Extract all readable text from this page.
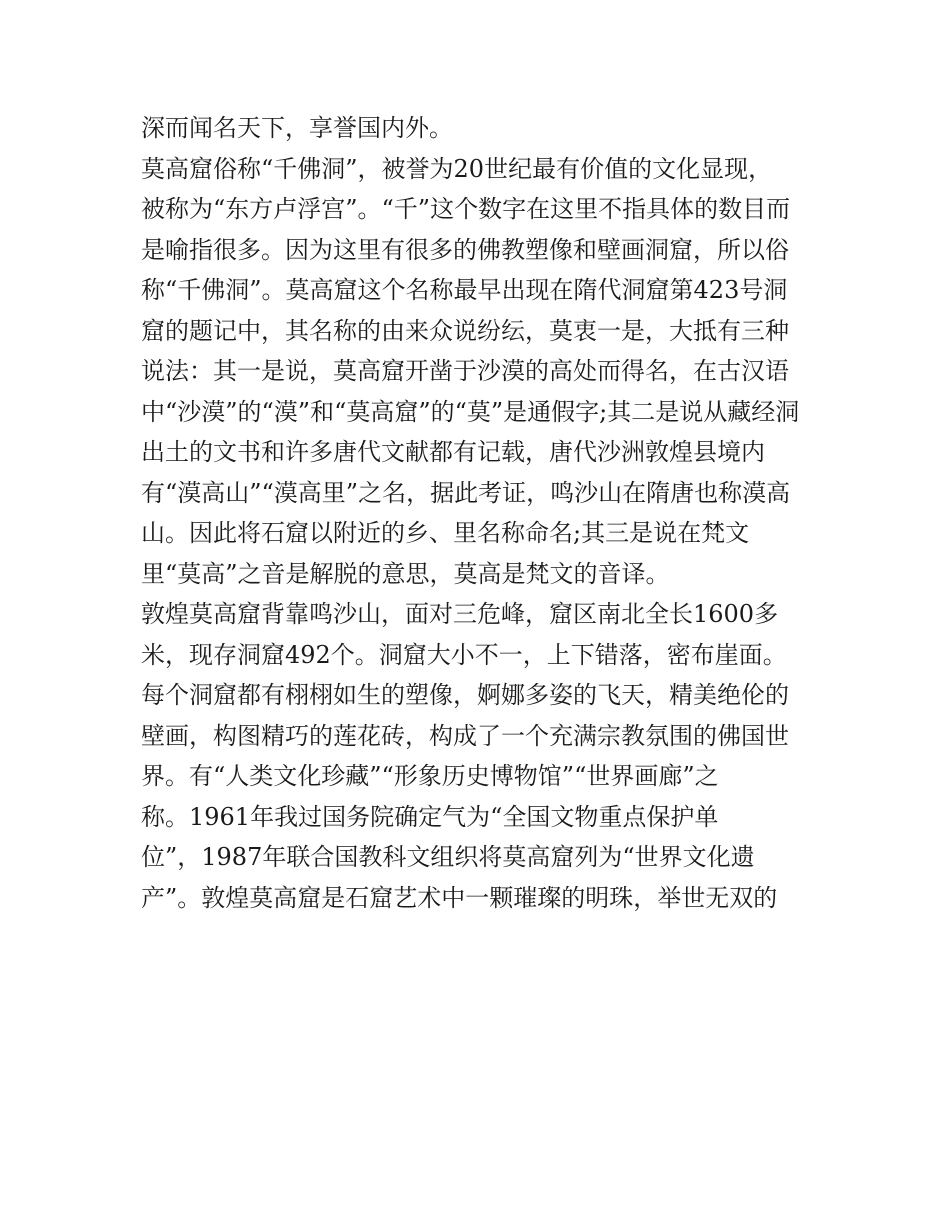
深而闻名天下，享誉国内外。
莫高窟俗称“千佛洞”，被誉为20世纪最有价值的文化显现，
被称为“东方卢浮宫”。“千”这个数字在这里不指具体的数目而
是喻指很多。因为这里有很多的佛教塑像和壁画洞窟，所以俗
称“千佛洞”。莫高窟这个名称最早出现在隋代洞窟第423号洞
窟的题记中，其名称的由来众说纷纭，莫衷一是，大抵有三种
说法：其一是说，莫高窟开凿于沙漠的高处而得名，在古汉语
中“沙漠”的“漠”和“莫高窟”的“莫”是通假字;其二是说从藏经洞
出土的文书和许多唐代文献都有记载，唐代沙洲敦煌县境内
有“漠高山”“漠高里”之名，据此考证，鸣沙山在隋唐也称漠高
山。因此将石窟以附近的乡、里名称命名;其三是说在梵文
里“莫高”之音是解脱的意思，莫高是梵文的音译。
敦煌莫高窟背靠鸣沙山，面对三危峰，窟区南北全长1600多
米，现存洞窟492个。洞窟大小不一，上下错落，密布崖面。
每个洞窟都有栩栩如生的塑像，婀娜多姿的飞天，精美绝伦的
壁画，构图精巧的莲花砖，构成了一个充满宗教氛围的佛国世
界。有“人类文化珍藏”“形象历史博物馆”“世界画廊”之
称。1961年我过国务院确定气为“全国文物重点保护单
位”，1987年联合国教科文组织将莫高窟列为“世界文化遗
产”。敦煌莫高窟是石窟艺术中一颗璀璨的明珠，举世无双的
